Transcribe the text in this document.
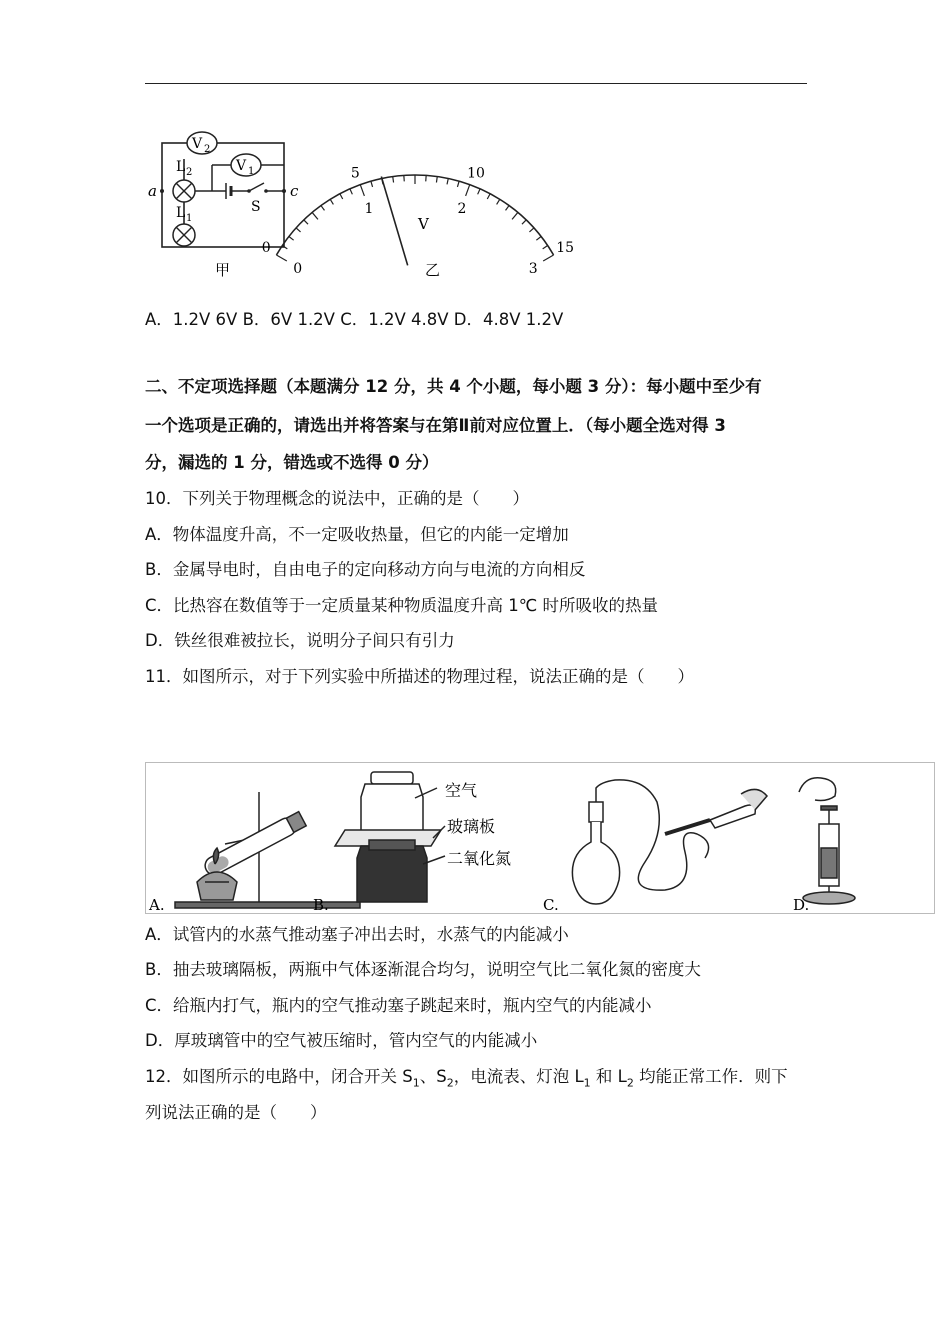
V 2
V 1
S
L 2
L 1
a	c
甲
0
5	10
15
0
1	2
3
V
乙
A．1.2V 6V B．6V 1.2V C．1.2V 4.8V D．4.8V 1.2V
二、不定项选择题（本题满分 12 分，共 4 个小题，每小题 3 分）：每小题中至少有
一个选项是正确的，请选出并将答案与在第Ⅱ前对应位置上．（每小题全选对得 3
分，漏选的 1 分，错选或不选得 0 分）
10．下列关于物理概念的说法中，正确的是（　　）
A．物体温度升高，不一定吸收热量，但它的内能一定增加
B．金属导电时，自由电子的定向移动方向与电流的方向相反
C．比热容在数值等于一定质量某种物质温度升高 1℃ 时所吸收的热量
D．铁丝很难被拉长，说明分子间只有引力
11．如图所示，对于下列实验中所描述的物理过程，说法正确的是（　　）
A.
空气
玻璃板
二氧化氮
B.	C.	D.
A．试管内的水蒸气推动塞子冲出去时，水蒸气的内能减小
B．抽去玻璃隔板，两瓶中气体逐渐混合均匀，说明空气比二氧化氮的密度大
C．给瓶内打气，瓶内的空气推动塞子跳起来时，瓶内空气的内能减小
D．厚玻璃管中的空气被压缩时，管内空气的内能减小
12．如图所示的电路中，闭合开关 $S_1$、$S_2$，电流表、灯泡 $L_1$ 和 $L_2$ 均能正常工作．则下
列说法正确的是（　　）
